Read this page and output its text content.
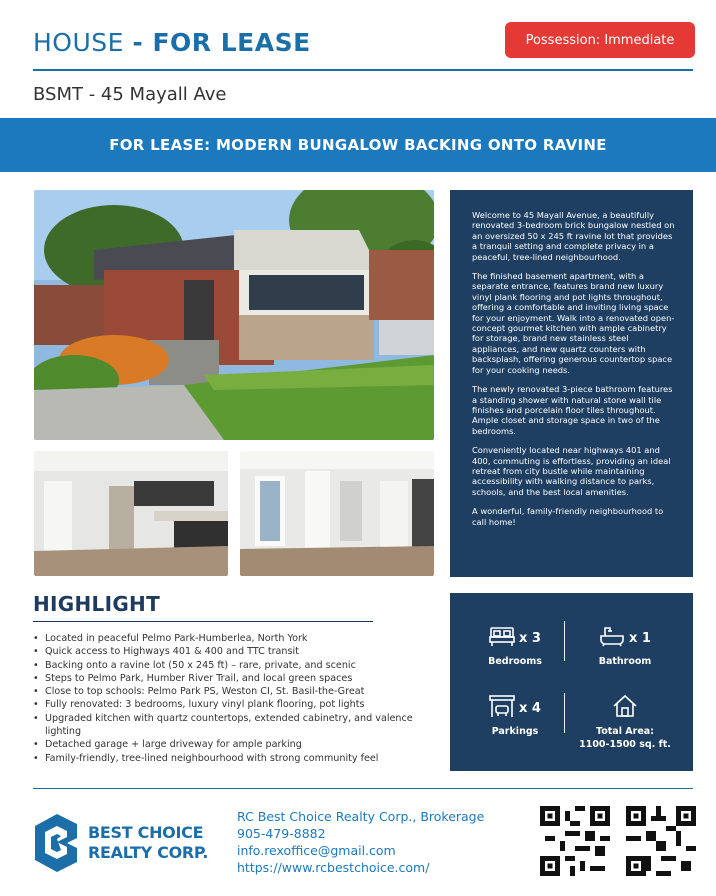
HOUSE - FOR LEASE	Possession: Immediate
BSMT - 45 Mayall Ave
FOR LEASE: MODERN BUNGALOW BACKING ONTO RAVINE

Welcome to 45 Mayall Avenue, a beautifully renovated 3-bedroom brick bungalow nestled on an oversized 50 x 245 ft ravine lot that provides a tranquil setting and complete privacy in a peaceful, tree-lined neighbourhood.

The finished basement apartment, with a separate entrance, features brand new luxury vinyl plank flooring and pot lights throughout, offering a comfortable and inviting living space for your enjoyment. Walk into a renovated open-concept gourmet kitchen with ample cabinetry for storage, brand new stainless steel appliances, and new quartz counters with backsplash, offering generous countertop space for your cooking needs.

The newly renovated 3-piece bathroom features a standing shower with natural stone wall tile finishes and porcelain floor tiles throughout. Ample closet and storage space in two of the bedrooms.

Conveniently located near highways 401 and 400, commuting is effortless, providing an ideal retreat from city bustle while maintaining accessibility with walking distance to parks, schools, and the best local amenities.

A wonderful, family-friendly neighbourhood to call home!

HIGHLIGHT
• Located in peaceful Pelmo Park-Humberlea, North York
• Quick access to Highways 401 & 400 and TTC transit
• Backing onto a ravine lot (50 x 245 ft) – rare, private, and scenic
• Steps to Pelmo Park, Humber River Trail, and local green spaces
• Close to top schools: Pelmo Park PS, Weston CI, St. Basil-the-Great
• Fully renovated: 3 bedrooms, luxury vinyl plank flooring, pot lights
• Upgraded kitchen with quartz countertops, extended cabinetry, and valence lighting
• Detached garage + large driveway for ample parking
• Family-friendly, tree-lined neighbourhood with strong community feel
x 3
Bedrooms
x 1
Bathroom
x 4
Parkings	Total Area:
1100-1500 sq. ft.
BEST CHOICE
REALTY CORP.
RC Best Choice Realty Corp., Brokerage
905-479-8882
info.rexoffice@gmail.com
https://www.rcbestchoice.com/
